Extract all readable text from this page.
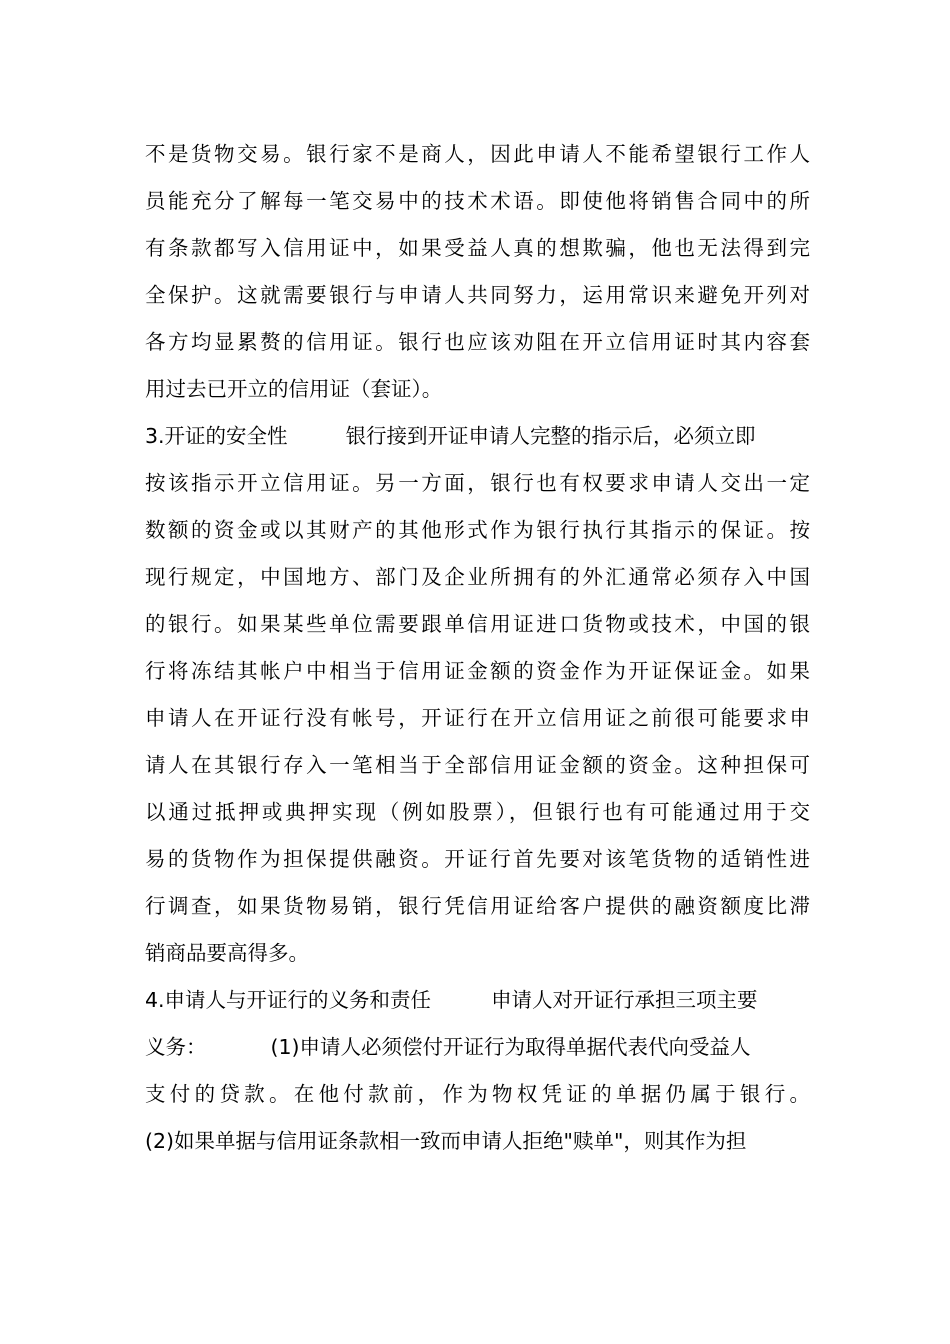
不是货物交易。银行家不是商人，因此申请人不能希望银行工作人
员能充分了解每一笔交易中的技术术语。即使他将销售合同中的所
有条款都写入信用证中，如果受益人真的想欺骗，他也无法得到完
全保护。这就需要银行与申请人共同努力，运用常识来避免开列对
各方均显累赘的信用证。银行也应该劝阻在开立信用证时其内容套
用过去已开立的信用证（套证）。
3.开证的安全性	银行接到开证申请人完整的指示后，必须立即
按该指示开立信用证。另一方面，银行也有权要求申请人交出一定
数额的资金或以其财产的其他形式作为银行执行其指示的保证。按
现行规定，中国地方、部门及企业所拥有的外汇通常必须存入中国
的银行。如果某些单位需要跟单信用证进口货物或技术，中国的银
行将冻结其帐户中相当于信用证金额的资金作为开证保证金。如果
申请人在开证行没有帐号，开证行在开立信用证之前很可能要求申
请人在其银行存入一笔相当于全部信用证金额的资金。这种担保可
以通过抵押或典押实现（例如股票），但银行也有可能通过用于交
易的货物作为担保提供融资。开证行首先要对该笔货物的适销性进
行调查，如果货物易销，银行凭信用证给客户提供的融资额度比滞
销商品要高得多。
4.申请人与开证行的义务和责任	申请人对开证行承担三项主要
义务：	(1)申请人必须偿付开证行为取得单据代表代向受益人
支付的贷款。在他付款前，作为物权凭证的单据仍属于银行。
(2)如果单据与信用证条款相一致而申请人拒绝"赎单"，则其作为担
